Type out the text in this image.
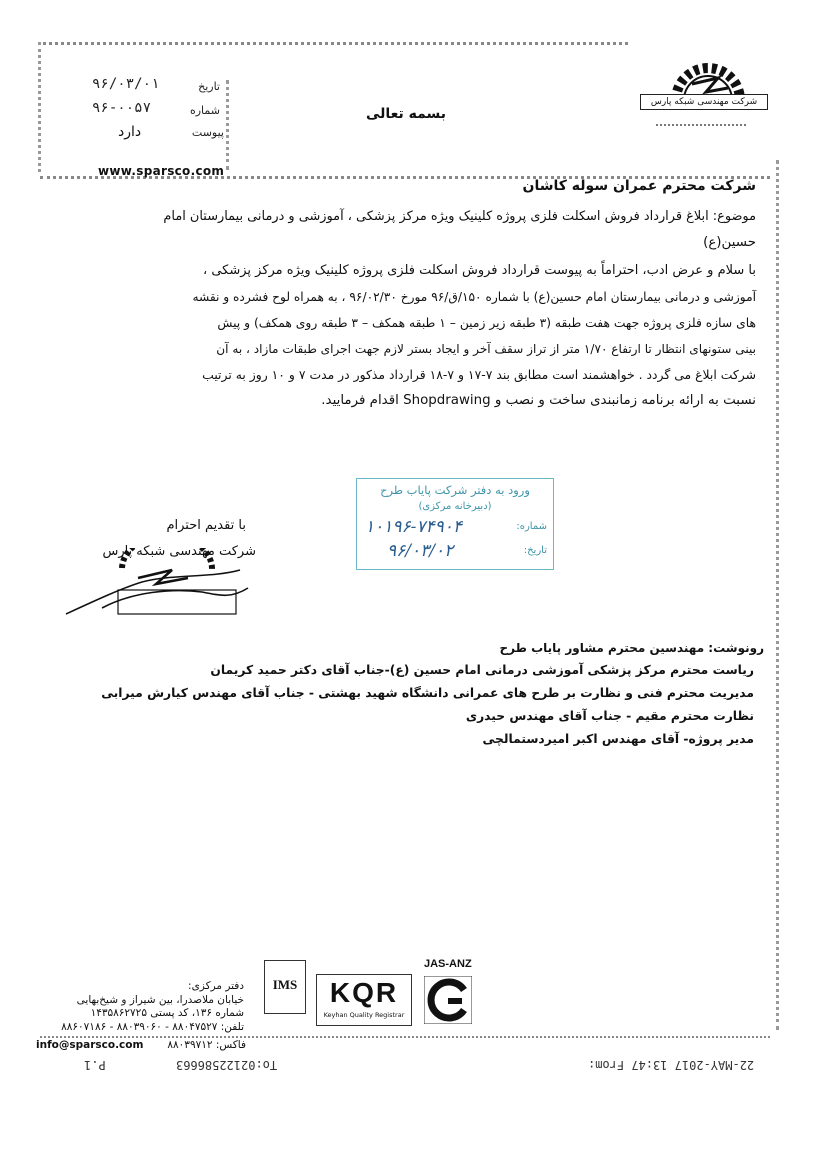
۹۶/۰۳/۰۱	تاریخ
۹۶-۰۰۵۷	شماره
دارد	پیوست
www.sparsco.com
بسمه تعالی
شرکت مهندسی شبکه پارس
شرکت محترم عمران سوله کاشان
موضوع: ابلاغ قرارداد فروش اسکلت فلزی پروژه کلینیک ویژه مرکز پزشکی ، آموزشی و درمانی بیمارستان امام
حسین(ع)
با سلام و عرض ادب، احتراماً به پیوست قرارداد فروش اسکلت فلزی پروژه کلینیک ویژه مرکز پزشکی ،
آموزشی و درمانی بیمارستان امام حسین(ع) با شماره ۱۵۰/ق/۹۶ مورخ ۹۶/۰۲/۳۰ ، به همراه لوح فشرده و نقشه
های سازه فلزی پروژه جهت هفت طبقه (۳ طبقه زیر زمین – ۱ طبقه همکف – ۳ طبقه روی همکف) و پیش
بینی ستونهای انتظار تا ارتفاع ۱/۷۰ متر از تراز سقف آخر و ایجاد بستر لازم جهت اجرای طبقات مازاد ، به آن
شرکت ابلاغ می گردد . خواهشمند است مطابق بند ۷-۱۷ و ۷-۱۸ قرارداد مذکور در مدت ۷ و ۱۰ روز به ترتیب
نسبت به ارائه برنامه زمانبندی ساخت و نصب و Shopdrawing اقدام فرمایید.
ورود به دفتر شرکت پایاب طرح
(دبیرخانه مرکزی)
شماره:
۱۰۱۹۶-۷۴۹۰۴
تاریخ:
۹۶/۰۳/۰۲
با تقدیم احترام
شرکت مهندسی شبکه پارس
رونوشت: مهندسین محترم مشاور پایاب طرح
ریاست محترم مرکز پزشکی آموزشی درمانی امام حسین (ع)-جناب آقای دکتر حمید کریمان
مدیریت محترم فنی و نظارت بر طرح های عمرانی دانشگاه شهید بهشتی - جناب آقای مهندس کیارش میرابی
نظارت محترم مقیم - جناب آقای مهندس حیدری
مدیر پروژه- آقای مهندس اکبر امیردستمالچی
دفتر مرکزی:
خیابان ملاصدرا، بین شیراز و شیخ‌بهایی
شماره ۱۳۶، کد پستی ۱۴۳۵۸۶۲۷۲۵
تلفن: ۸۸۰۴۷۵۲۷ - ۸۸۰۳۹۰۶۰ - ۸۸۶۰۷۱۸۶
info@sparsco.com	فاکس: ۸۸۰۳۹۷۱۲
IMS	KQR
Keyhan Quality Registrar
JAS-ANZ
22-MAY-2017 13:47 From:
To:02122586663
P.1
